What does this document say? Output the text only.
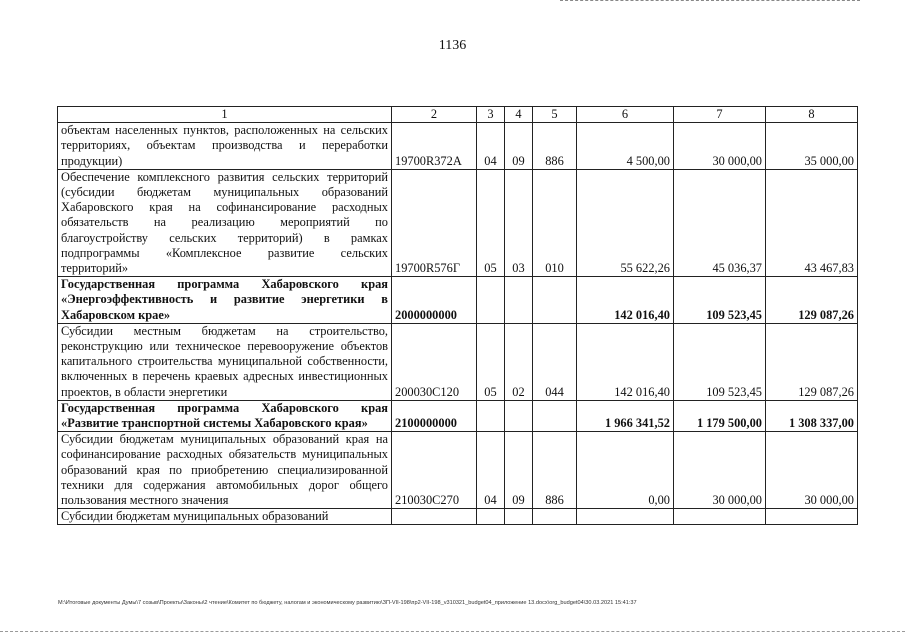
1136
1	2	3	4	5	6	7	8
объектам населенных пунктов, расположенных на сельских территориях, объектам производства и переработки продукции)	19700R372А	04	09	886	4 500,00	30 000,00	35 000,00
Обеспечение комплексного развития сельских территорий (субсидии бюджетам муниципальных образований Хабаровского края на софинансирование расходных обязательств на реализацию мероприятий по благоустройству сельских территорий) в рамках подпрограммы «Комплексное развитие сельских территорий»	19700R576Г	05	03	010	55 622,26	45 036,37	43 467,83
Государственная программа Хабаровского края «Энергоэффективность и развитие энергетики в Хабаровском крае»	2000000000				142 016,40	109 523,45	129 087,26
Субсидии местным бюджетам на строительство, реконструкцию или техническое перевооружение объектов капитального строительства муниципальной собственности, включенных в перечень краевых адресных инвестиционных проектов, в области энергетики	200030С120	05	02	044	142 016,40	109 523,45	129 087,26
Государственная программа Хабаровского края «Развитие транспортной системы Хабаровского края»	2100000000				1 966 341,52	1 179 500,00	1 308 337,00
Субсидии бюджетам муниципальных образований края на софинансирование расходных обязательств муниципальных образований края по приобретению специализированной техники для содержания автомобильных дорог общего пользования местного значения	210030С270	04	09	886	0,00	30 000,00	30 000,00
Субсидии бюджетам муниципальных образований							
M:\Итоговые документы Думы\7 созыв\Проекты\Законы\2 чтение\Комитет по бюджету, налогам и экономическому развитию\ЗП-VII-198\пр2-VII-198_v310321_budget04_приложение 13.docx\org_budget04\30.03.2021 15:41:37
